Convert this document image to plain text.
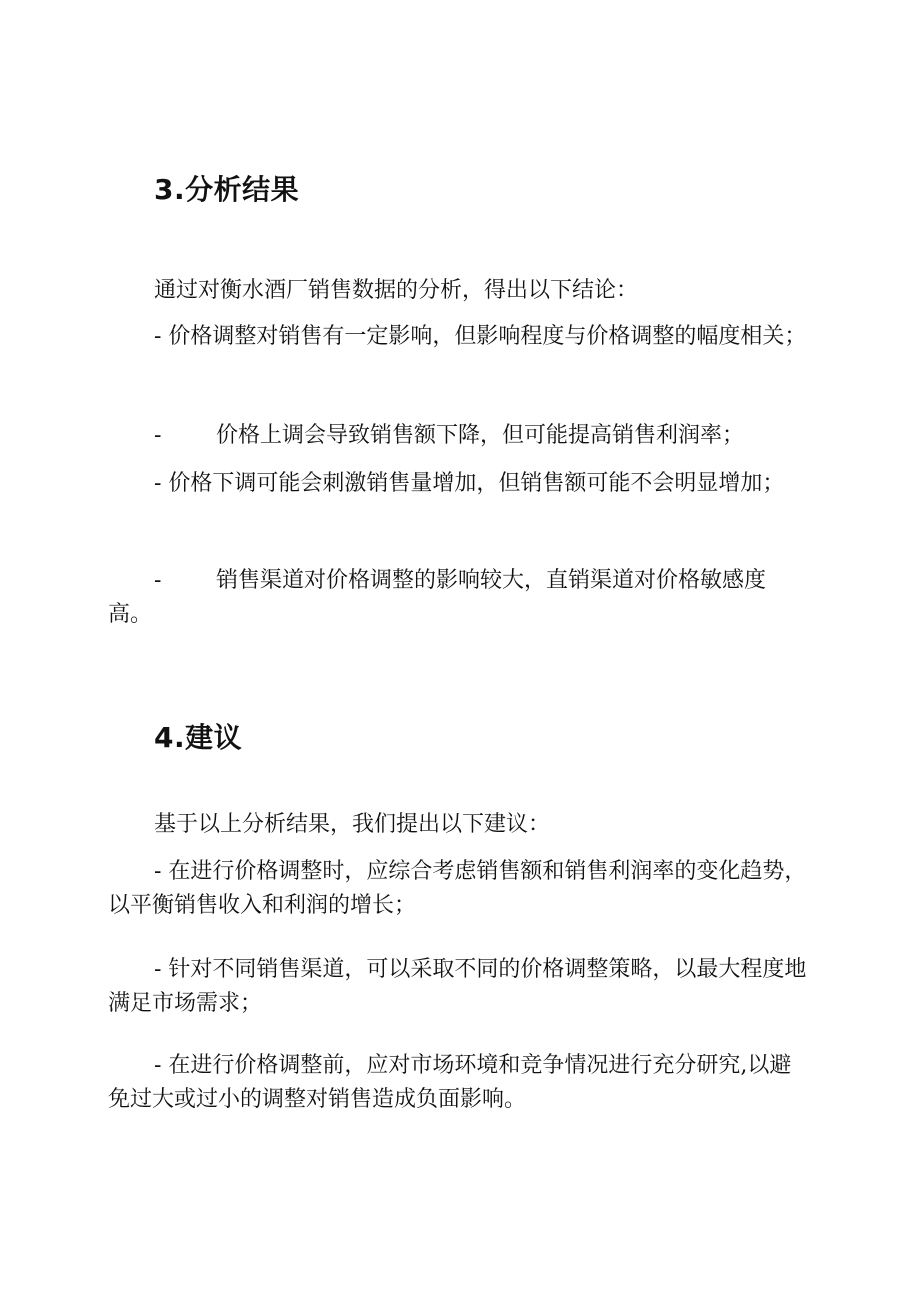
3.分析结果

通过对衡水酒厂销售数据的分析，得出以下结论：

- 价格调整对销售有一定影响，但影响程度与价格调整的幅度相关；

- 价格上调会导致销售额下降，但可能提高销售利润率；

- 价格下调可能会刺激销售量增加，但销售额可能不会明显增加；

- 销售渠道对价格调整的影响较大，直销渠道对价格敏感度高。

4.建议

基于以上分析结果，我们提出以下建议：

- 在进行价格调整时，应综合考虑销售额和销售利润率的变化趋势，以平衡销售收入和利润的增长；

- 针对不同销售渠道，可以采取不同的价格调整策略，以最大程度地满足市场需求；

- 在进行价格调整前，应对市场环境和竞争情况进行充分研究,以避免过大或过小的调整对销售造成负面影响。
